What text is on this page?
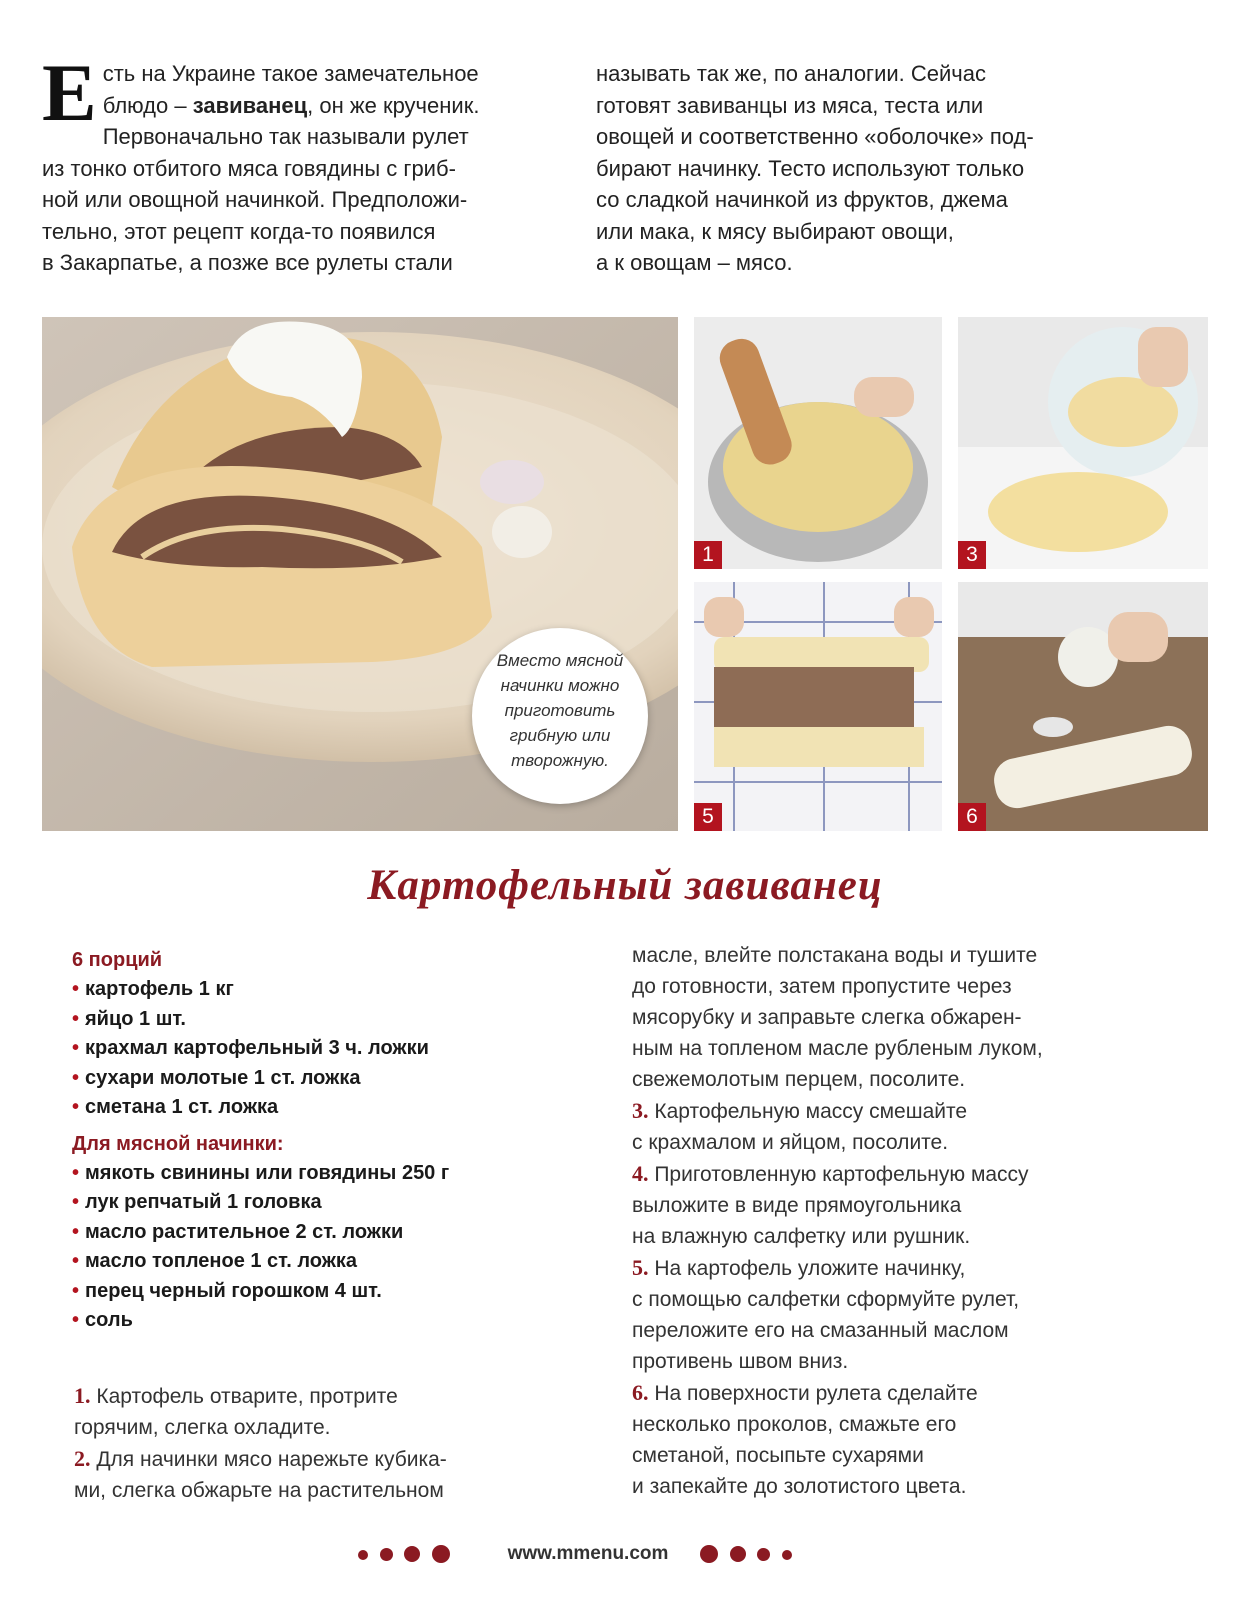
Е сть на Украине такое замечательное
блюдо – завиванец, он же крученик.
Первоначально так называли рулет
из тонко отбитого мяса говядины с гриб-
ной или овощной начинкой. Предположи-
тельно, этот рецепт когда-то появился
в Закарпатье, а позже все рулеты стали
называть так же, по аналогии. Сейчас
готовят завиванцы из мяса, теста или
овощей и соответственно «оболочке» под-
бирают начинку. Тесто используют только
со сладкой начинкой из фруктов, джема
или мака, к мясу выбирают овощи,
а к овощам – мясо.
Вместо мясной
начинки можно
приготовить
грибную или
творожную.
1	3
5	6
Картофельный завиванец
6 порций
• картофель 1 кг
• яйцо 1 шт.
• крахмал картофельный 3 ч. ложки
• сухари молотые 1 ст. ложка
• сметана 1 ст. ложка
Для мясной начинки:
• мякоть свинины или говядины 250 г
• лук репчатый 1 головка
• масло растительное 2 ст. ложки
• масло топленое 1 ст. ложка
• перец черный горошком 4 шт.
• соль
1. Картофель отварите, протрите
горячим, слегка охладите.
2. Для начинки мясо нарежьте кубика-
ми, слегка обжарьте на растительном
масле, влейте полстакана воды и тушите
до готовности, затем пропустите через
мясорубку и заправьте слегка обжарен-
ным на топленом масле рубленым луком,
свежемолотым перцем, посолите.
3. Картофельную массу смешайте
с крахмалом и яйцом, посолите.
4. Приготовленную картофельную массу
выложите в виде прямоугольника
на влажную салфетку или рушник.
5. На картофель уложите начинку,
с помощью салфетки сформуйте рулет,
переложите его на смазанный маслом
противень швом вниз.
6. На поверхности рулета сделайте
несколько проколов, смажьте его
сметаной, посыпьте сухарями
и запекайте до золотистого цвета.
www.mmenu.com
